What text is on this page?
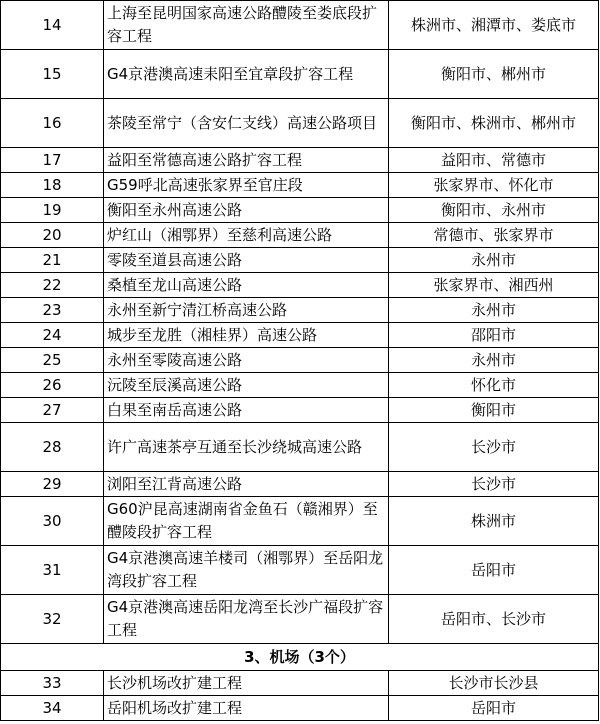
14	上海至昆明国家高速公路醴陵至娄底段扩容工程	株洲市、湘潭市、娄底市
15	G4京港澳高速耒阳至宜章段扩容工程	衡阳市、郴州市
16	茶陵至常宁（含安仁支线）高速公路项目	衡阳市、株洲市、郴州市
17	益阳至常德高速公路扩容工程	益阳市、常德市
18	G59呼北高速张家界至官庄段	张家界市、怀化市
19	衡阳至永州高速公路	衡阳市、永州市
20	炉红山（湘鄂界）至慈利高速公路	常德市、张家界市
21	零陵至道县高速公路	永州市
22	桑植至龙山高速公路	张家界市、湘西州
23	永州至新宁清江桥高速公路	永州市
24	城步至龙胜（湘桂界）高速公路	邵阳市
25	永州至零陵高速公路	永州市
26	沅陵至辰溪高速公路	怀化市
27	白果至南岳高速公路	衡阳市
28	许广高速茶亭互通至长沙绕城高速公路	长沙市
29	浏阳至江背高速公路	长沙市
30	G60沪昆高速湖南省金鱼石（赣湘界）至醴陵段扩容工程	株洲市
31	G4京港澳高速羊楼司（湘鄂界）至岳阳龙湾段扩容工程	岳阳市
32	G4京港澳高速岳阳龙湾至长沙广福段扩容工程	岳阳市、长沙市
3、机场（3个）		
33	长沙机场改扩建工程	长沙市长沙县
34	岳阳机场改扩建工程	岳阳市
